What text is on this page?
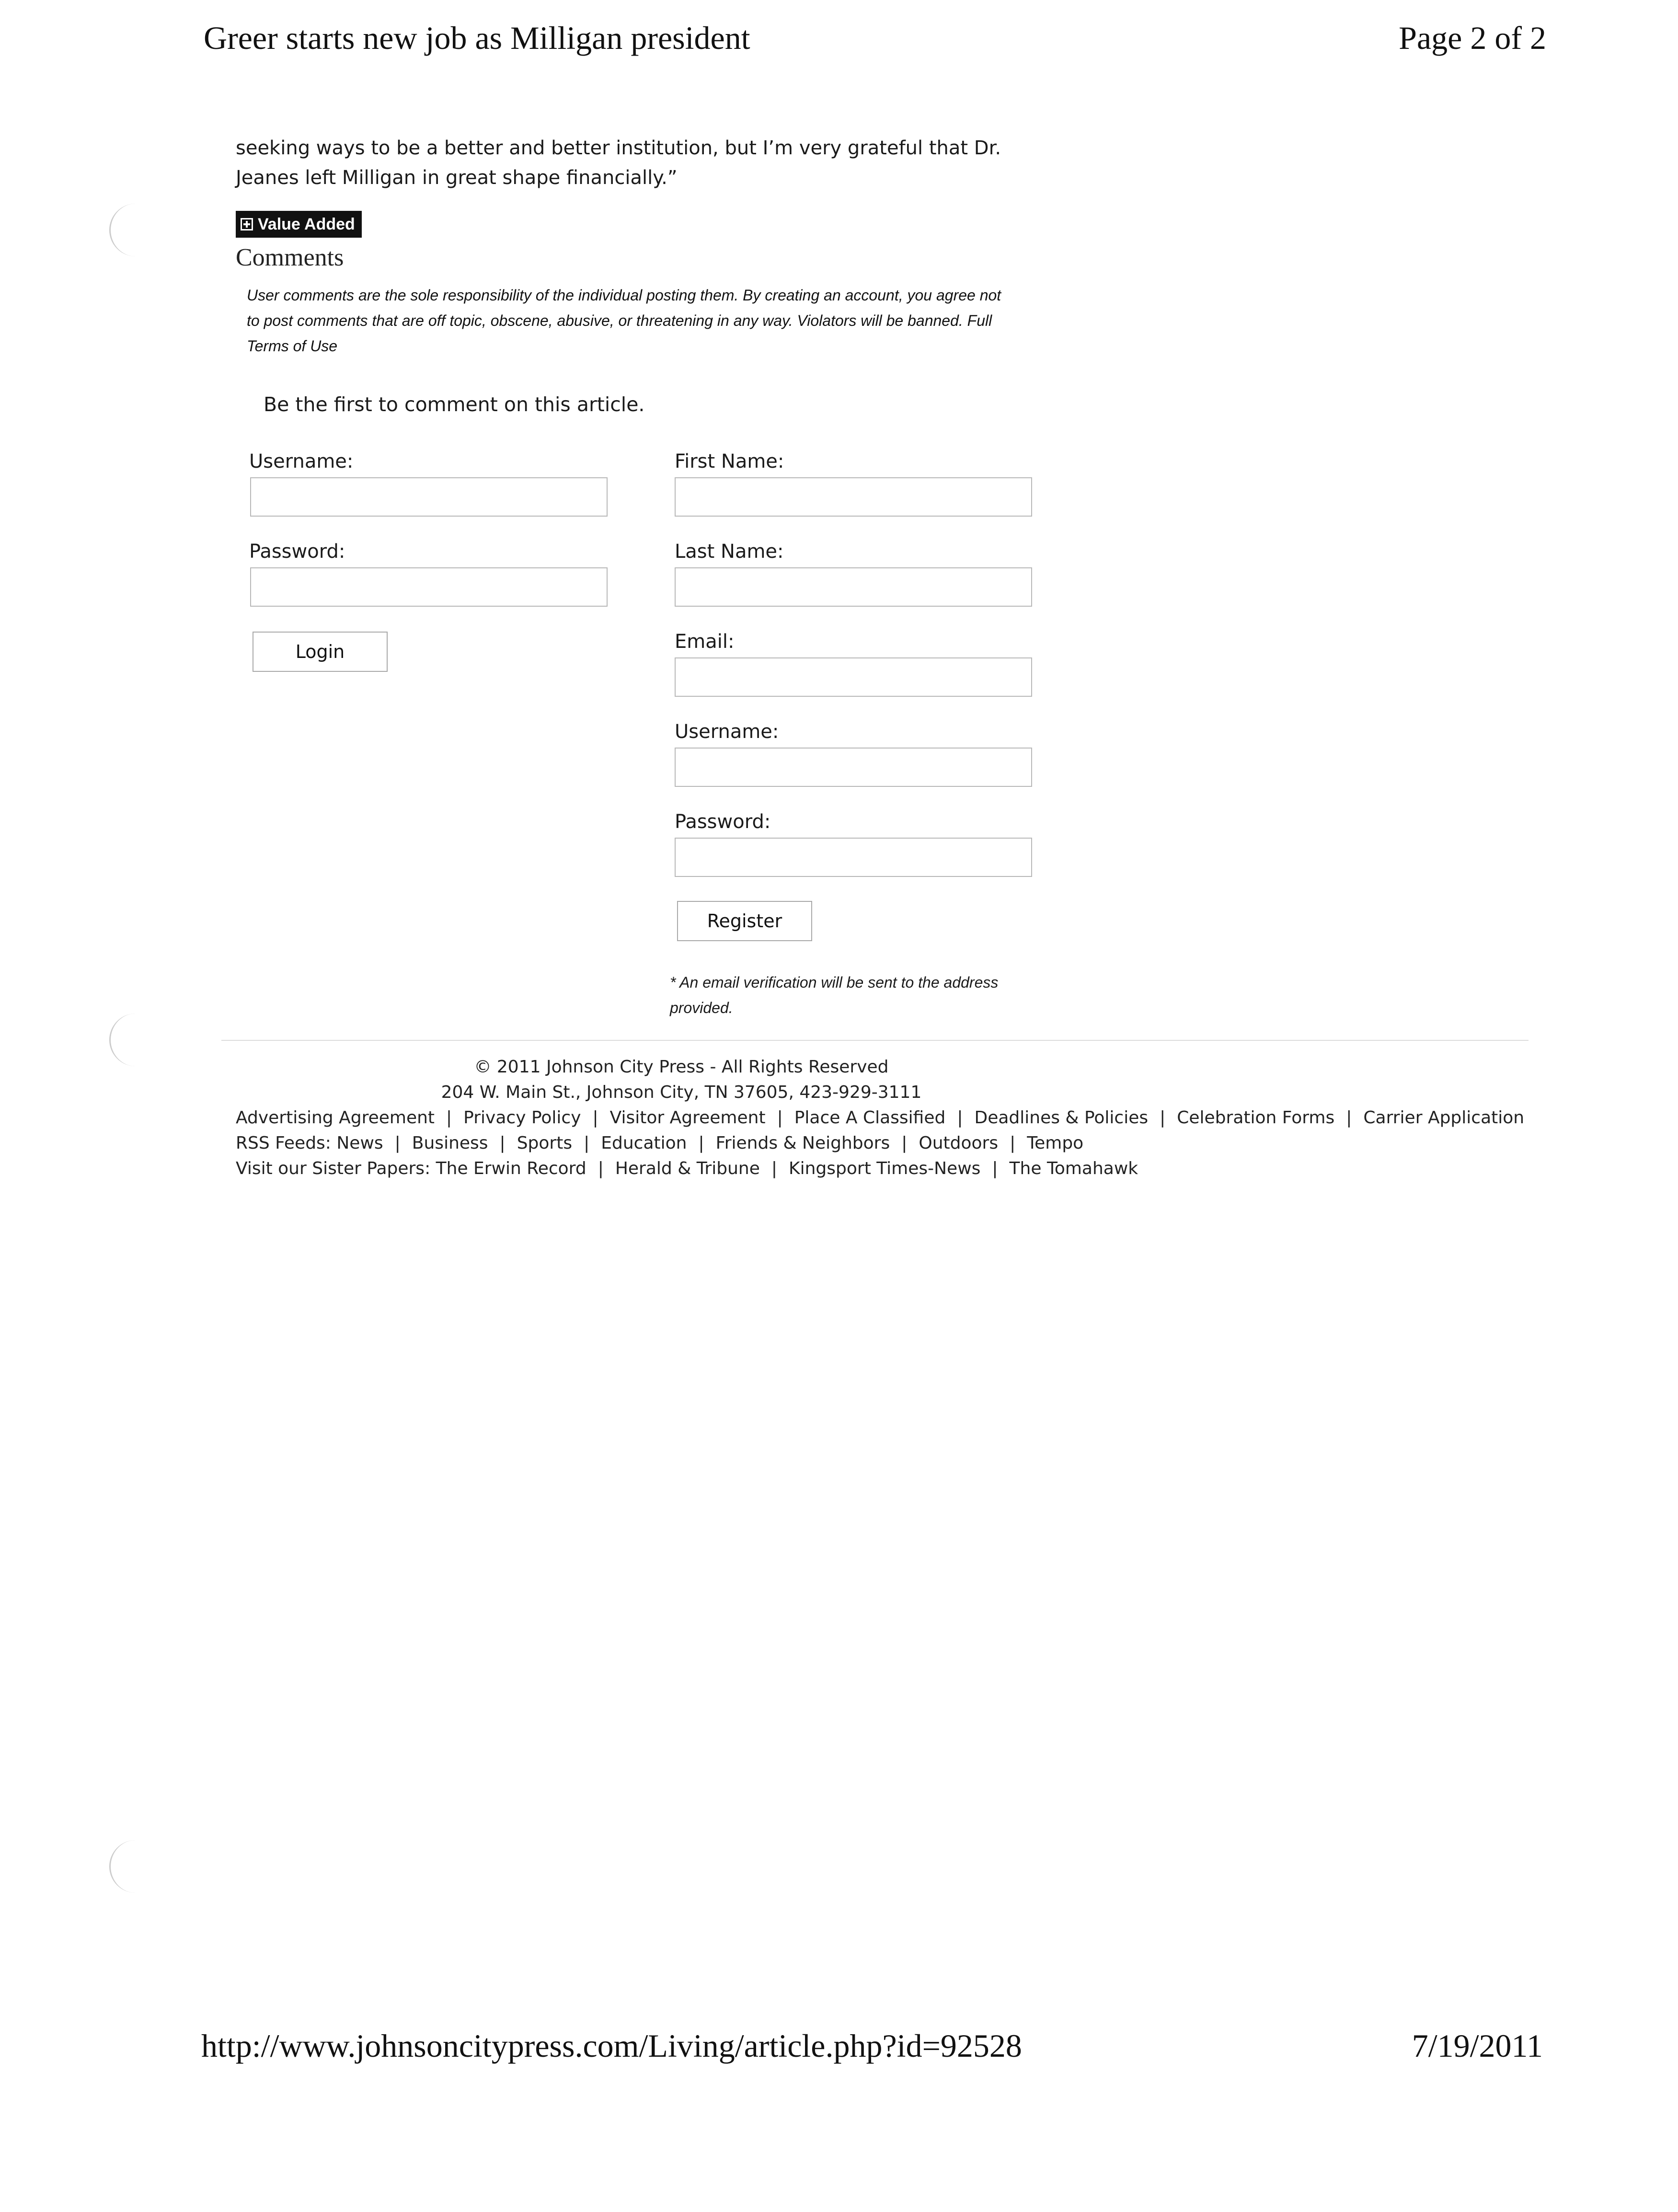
Greer starts new job as Milligan president	Page 2 of 2

seeking ways to be a better and better institution, but I’m very grateful that Dr.

Jeanes left Milligan in great shape financially.”

Value Added
Comments
User comments are the sole responsibility of the individual posting them. By creating an account, you agree not
to post comments that are off topic, obscene, abusive, or threatening in any way. Violators will be banned. Full
Terms of Use
Be the first to comment on this article.
Username:
Password:
Login
First Name:
Last Name:
Email:
Username:
Password:
Register
* An email verification will be sent to the address
provided.
© 2011 Johnson City Press - All Rights Reserved
204 W. Main St., Johnson City, TN 37605, 423-929-3111
Advertising Agreement | Privacy Policy | Visitor Agreement | Place A Classified | Deadlines & Policies | Celebration Forms | Carrier Application
RSS Feeds: News | Business | Sports | Education | Friends & Neighbors | Outdoors | Tempo
Visit our Sister Papers: The Erwin Record | Herald & Tribune | Kingsport Times-News | The Tomahawk
http://www.johnsoncitypress.com/Living/article.php?id=92528	7/19/2011
